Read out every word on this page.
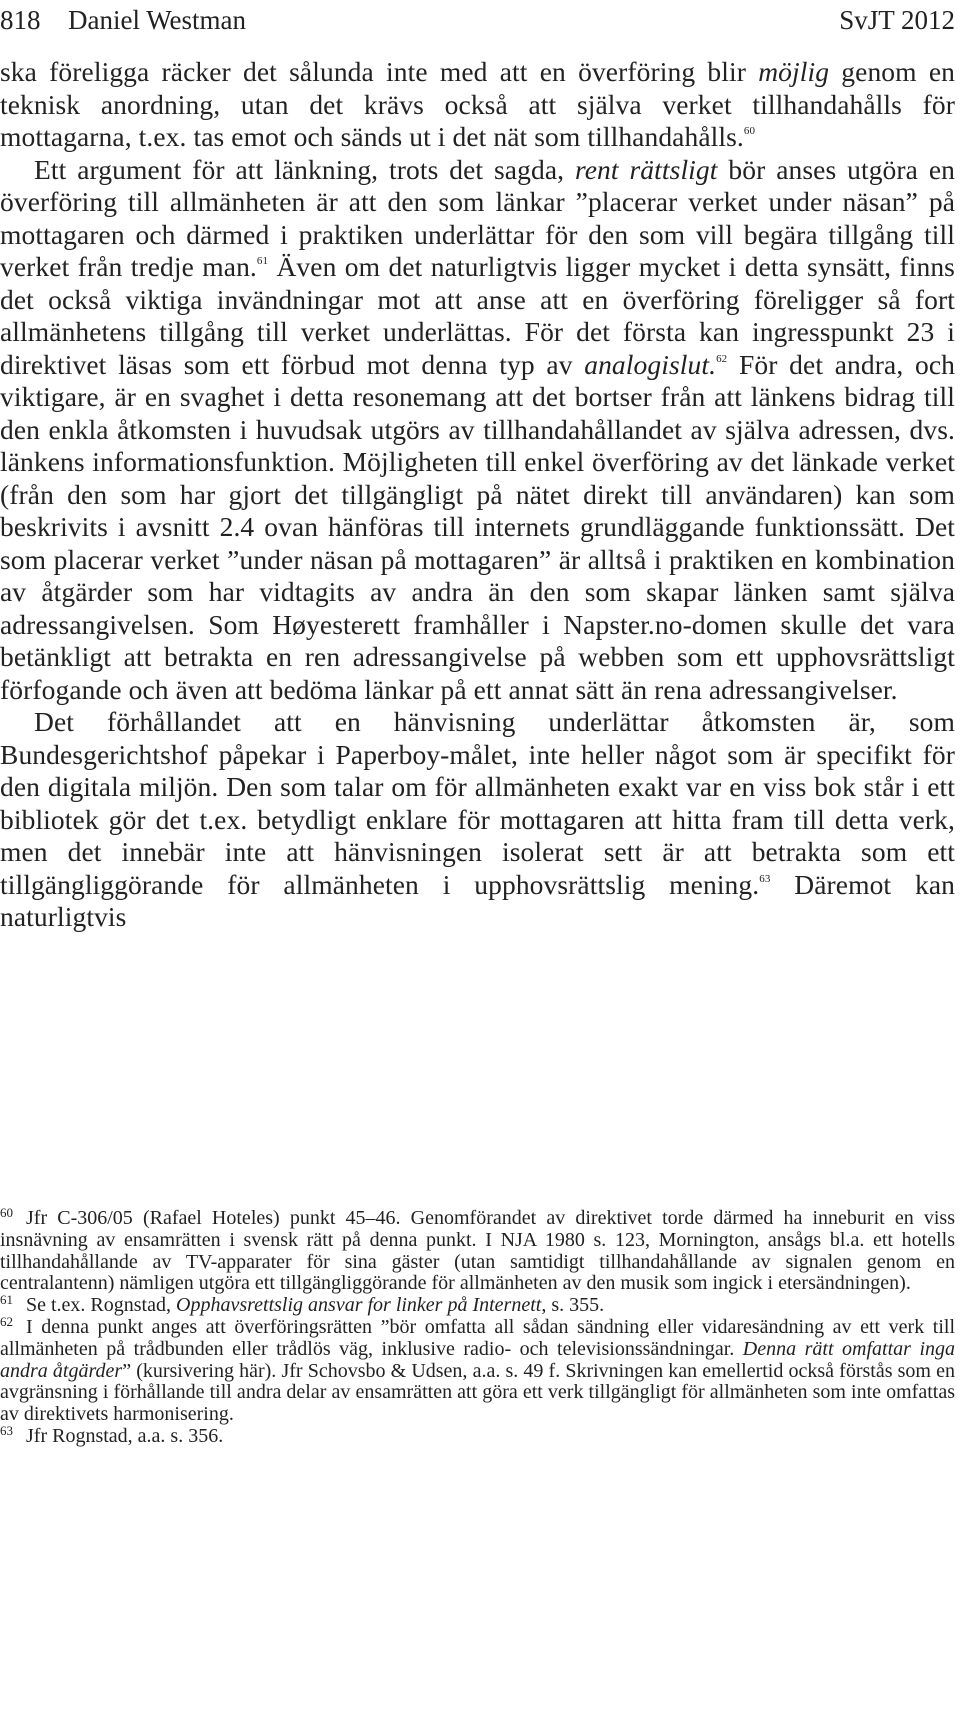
818 Daniel Westman	SvJT 2012

ska föreligga räcker det sålunda inte med att en överföring blir möjlig genom en teknisk anordning, utan det krävs också att själva verket tillhandahålls för mottagarna, t.ex. tas emot och sänds ut i det nät som tillhandahålls.$^{60}$

Ett argument för att länkning, trots det sagda, rent rättsligt bör anses utgöra en överföring till allmänheten är att den som länkar ”placerar verket under näsan” på mottagaren och därmed i praktiken underlättar för den som vill begära tillgång till verket från tredje man.$^{61}$ Även om det naturligtvis ligger mycket i detta synsätt, finns det också viktiga invändningar mot att anse att en överföring föreligger så fort allmänhetens tillgång till verket underlättas. För det första kan ingresspunkt 23 i direktivet läsas som ett förbud mot denna typ av analogislut.$^{62}$ För det andra, och viktigare, är en svaghet i detta resonemang att det bortser från att länkens bidrag till den enkla åtkomsten i huvudsak utgörs av tillhandahållandet av själva adressen, dvs. länkens informationsfunktion. Möjligheten till enkel överföring av det länkade verket (från den som har gjort det tillgängligt på nätet direkt till användaren) kan som beskrivits i avsnitt 2.4 ovan hänföras till internets grundläggande funktionssätt. Det som placerar verket ”under näsan på mottagaren” är alltså i praktiken en kombination av åtgärder som har vidtagits av andra än den som skapar länken samt själva adressangivelsen. Som Høyesterett framhåller i Napster.no-domen skulle det vara betänkligt att betrakta en ren adressangivelse på webben som ett upphovsrättsligt förfogande och även att bedöma länkar på ett annat sätt än rena adressangivelser.

Det förhållandet att en hänvisning underlättar åtkomsten är, som Bundesgerichtshof påpekar i Paperboy-målet, inte heller något som är specifikt för den digitala miljön. Den som talar om för allmänheten exakt var en viss bok står i ett bibliotek gör det t.ex. betydligt enklare för mottagaren att hitta fram till detta verk, men det innebär inte att hänvisningen isolerat sett är att betrakta som ett tillgängliggörande för allmänheten i upphovsrättslig mening.$^{63}$ Däremot kan naturligtvis

60 Jfr C-306/05 (Rafael Hoteles) punkt 45–46. Genomförandet av direktivet torde därmed ha inneburit en viss insnävning av ensamrätten i svensk rätt på denna punkt. I NJA 1980 s. 123, Mornington, ansågs bl.a. ett hotells tillhandahållande av TV-apparater för sina gäster (utan samtidigt tillhandahållande av signalen genom en centralantenn) nämligen utgöra ett tillgängliggörande för allmänheten av den musik som ingick i etersändningen).

61 Se t.ex. Rognstad, Opphavsrettslig ansvar for linker på Internett, s. 355.

62 I denna punkt anges att överföringsrätten ”bör omfatta all sådan sändning eller vidaresändning av ett verk till allmänheten på trådbunden eller trådlös väg, inklusive radio- och televisionssändningar. Denna rätt omfattar inga andra åtgärder” (kursivering här). Jfr Schovsbo & Udsen, a.a. s. 49 f. Skrivningen kan emellertid också förstås som en avgränsning i förhållande till andra delar av ensamrätten att göra ett verk tillgängligt för allmänheten som inte omfattas av direktivets harmonisering.

63 Jfr Rognstad, a.a. s. 356.
